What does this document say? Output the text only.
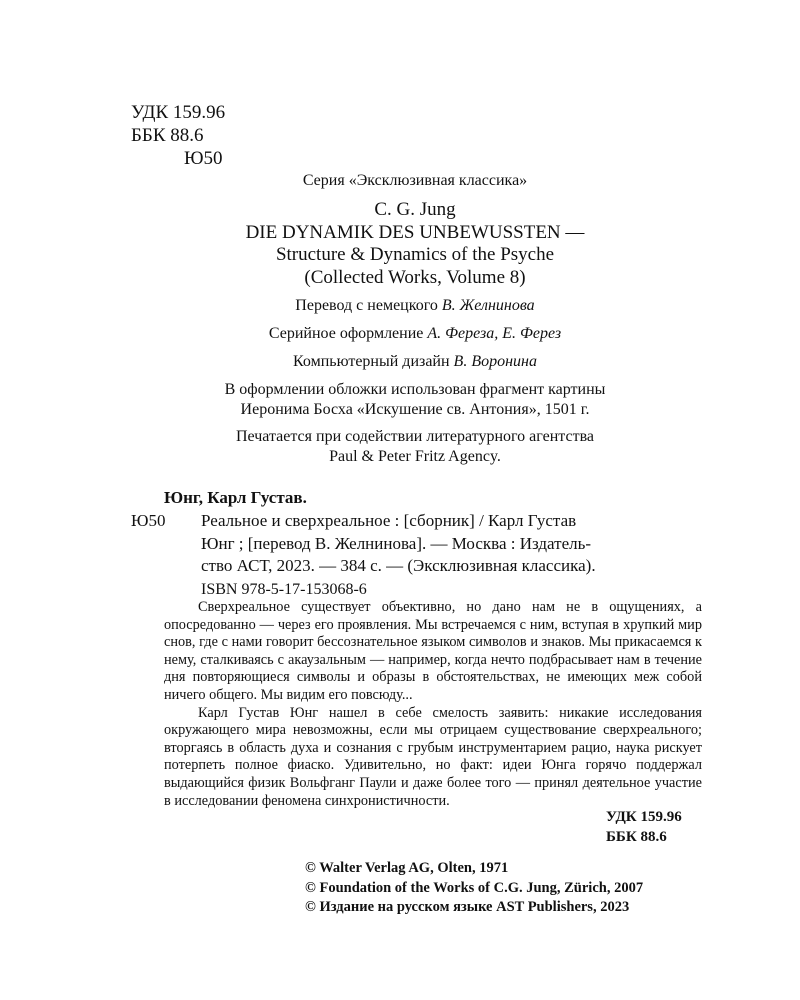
УДК 159.96
ББК 88.6
Ю50
Серия «Эксклюзивная классика»
C. G. Jung
DIE DYNAMIK DES UNBEWUSSTEN —
Structure & Dynamics of the Psyche
(Collected Works, Volume 8)
Перевод с немецкого В. Желнинова
Серийное оформление А. Фереза, Е. Ферез
Компьютерный дизайн В. Воронина
В оформлении обложки использован фрагмент картины
Иеронима Босха «Искушение св. Антония», 1501 г.
Печатается при содействии литературного агентства
Paul & Peter Fritz Agency.
Юнг, Карл Густав.
Ю50	Реальное и сверхреальное : [сборник] / Карл Густав
Юнг ; [перевод В. Желнинова]. — Москва : Издатель-
ство АСТ, 2023. — 384 с. — (Эксклюзивная классика).
ISBN 978-5-17-153068-6

Сверхреальное существует объективно, но дано нам не в ощущениях, а опосредованно — через его проявления. Мы встречаемся с ним, вступая в хрупкий мир снов, где с нами говорит бессознательное языком символов и знаков. Мы прикасаемся к нему, сталкиваясь с акаузальным — например, когда нечто подбрасывает нам в течение дня повторяющиеся символы и образы в обстоятельствах, не имеющих меж собой ничего общего. Мы видим его повсюду...

Карл Густав Юнг нашел в себе смелость заявить: никакие исследования окружающего мира невозможны, если мы отрицаем существование сверхреального; вторгаясь в область духа и сознания с грубым инструментарием рацио, наука рискует потерпеть полное фиаско. Удивительно, но факт: идеи Юнга горячо поддержал выдающийся физик Вольфганг Паули и даже более того — принял деятельное участие в исследовании феномена синхронистичности.

УДК 159.96
ББК 88.6
© Walter Verlag AG, Olten, 1971
© Foundation of the Works of C.G. Jung, Zürich, 2007
© Издание на русском языке AST Publishers, 2023
